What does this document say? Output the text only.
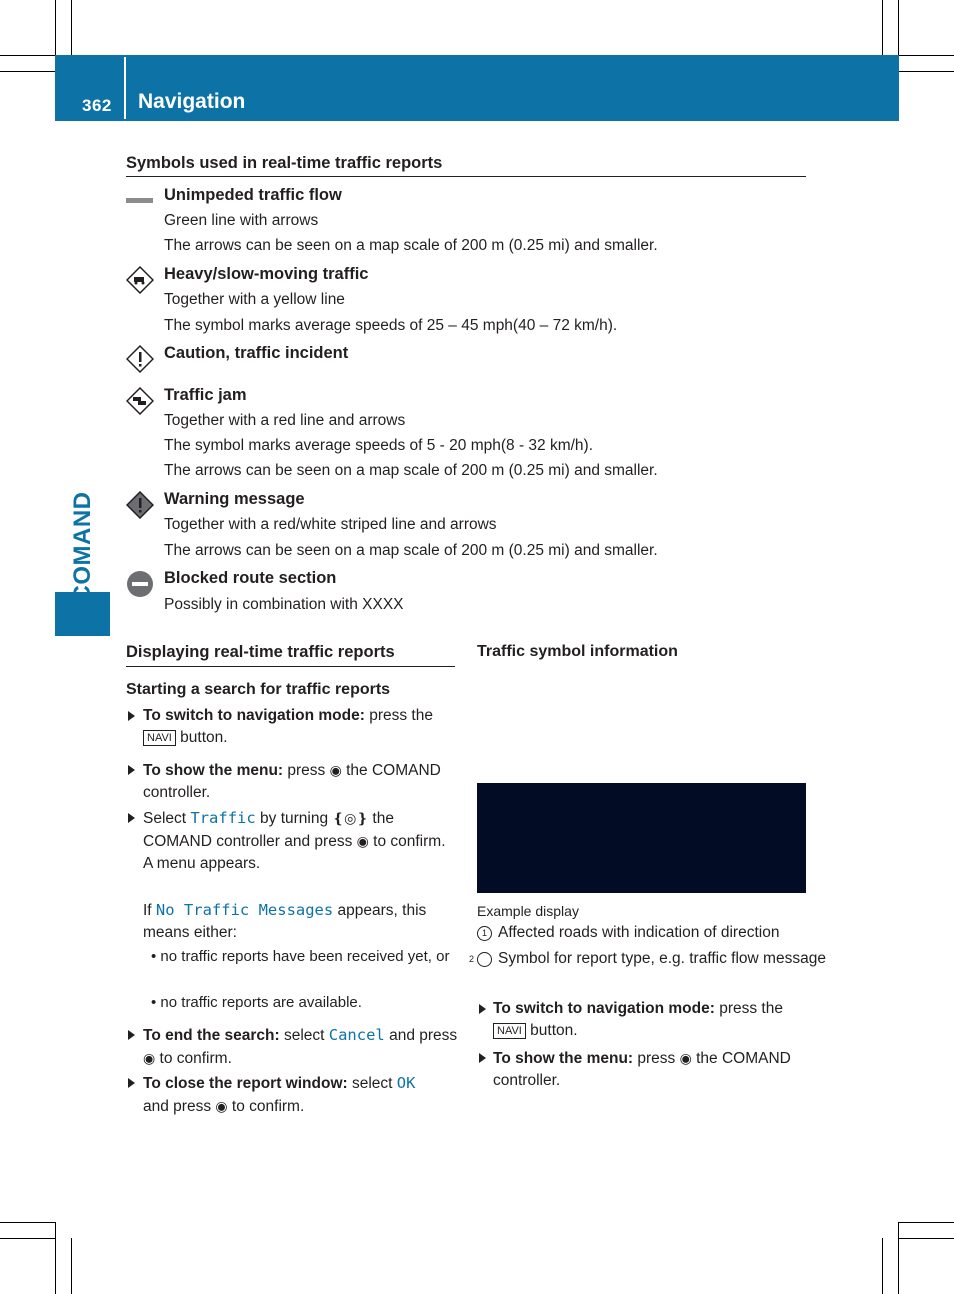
362 Navigation
COMAND
Symbols used in real-time traffic reports
Unimpeded traffic flow
Green line with arrows
The arrows can be seen on a map scale of 200 m (0.25 mi) and smaller.
Heavy/slow-moving traffic
Together with a yellow line
The symbol marks average speeds of 25 – 45 mph(40 – 72 km/h).
Caution, traffic incident
Traffic jam
Together with a red line and arrows
The symbol marks average speeds of 5 - 20 mph(8 - 32 km/h).
The arrows can be seen on a map scale of 200 m (0.25 mi) and smaller.
Warning message
Together with a red/white striped line and arrows
The arrows can be seen on a map scale of 200 m (0.25 mi) and smaller.
Blocked route section
Possibly in combination with XXXX
Displaying real-time traffic reports
Starting a search for traffic reports
To switch to navigation mode: press the
NAVI button.
To show the menu: press ◉ the COMAND controller.
Select Traffic by turning ❴◎❵ the COMAND controller and press ◉ to confirm.
A menu appears.
If No Traffic Messages appears, this means either:
• no traffic reports have been received yet, or
• no traffic reports are available.
To end the search: select Cancel and press ◉ to confirm.
To close the report window: select OK
and press ◉ to confirm.
Traffic symbol information
Example display
1 Affected roads with indication of direction
2 Symbol for report type, e.g. traffic flow message
To switch to navigation mode: press the
NAVI button.
To show the menu: press ◉ the COMAND controller.
